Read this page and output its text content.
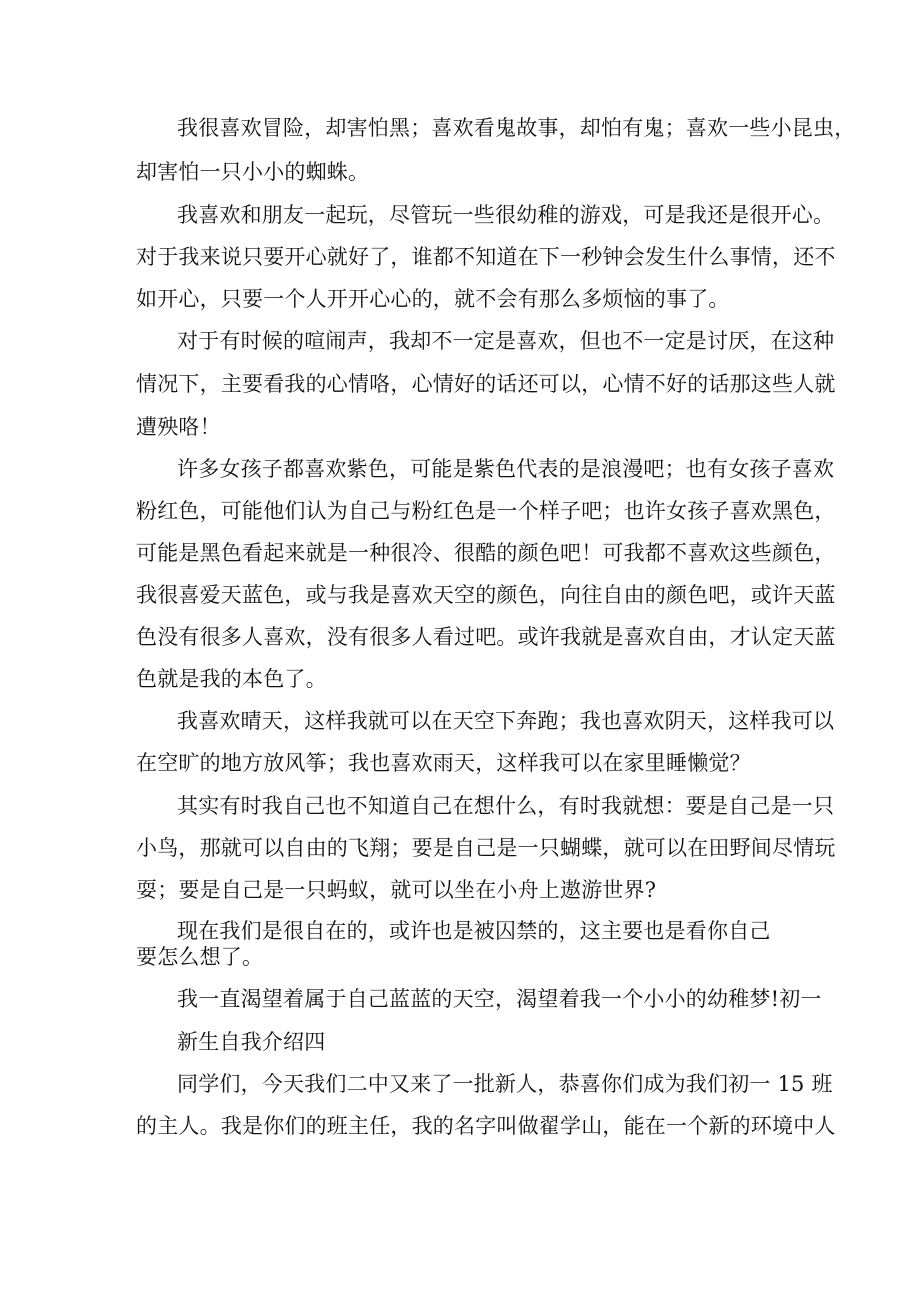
我很喜欢冒险，却害怕黑；喜欢看鬼故事，却怕有鬼；喜欢一些小昆虫，
却害怕一只小小的蜘蛛。
我喜欢和朋友一起玩，尽管玩一些很幼稚的游戏，可是我还是很开心。
对于我来说只要开心就好了，谁都不知道在下一秒钟会发生什么事情，还不
如开心，只要一个人开开心心的，就不会有那么多烦恼的事了。
对于有时候的喧闹声，我却不一定是喜欢，但也不一定是讨厌，在这种
情况下，主要看我的心情咯，心情好的话还可以，心情不好的话那这些人就
遭殃咯！
许多女孩子都喜欢紫色，可能是紫色代表的是浪漫吧；也有女孩子喜欢
粉红色，可能他们认为自己与粉红色是一个样子吧；也许女孩子喜欢黑色，
可能是黑色看起来就是一种很冷、很酷的颜色吧！可我都不喜欢这些颜色，
我很喜爱天蓝色，或与我是喜欢天空的颜色，向往自由的颜色吧，或许天蓝
色没有很多人喜欢，没有很多人看过吧。或许我就是喜欢自由，才认定天蓝
色就是我的本色了。
我喜欢晴天，这样我就可以在天空下奔跑；我也喜欢阴天，这样我可以
在空旷的地方放风筝；我也喜欢雨天，这样我可以在家里睡懒觉？
其实有时我自己也不知道自己在想什么，有时我就想：要是自己是一只
小鸟，那就可以自由的飞翔；要是自己是一只蝴蝶，就可以在田野间尽情玩
耍；要是自己是一只蚂蚁，就可以坐在小舟上遨游世界?
现在我们是很自在的，或许也是被囚禁的，这主要也是看你自己
要怎么想了。
我一直渴望着属于自己蓝蓝的天空，渴望着我一个小小的幼稚梦!初一
新生自我介绍四
同学们，今天我们二中又来了一批新人，恭喜你们成为我们初一 15 班
的主人。我是你们的班主任，我的名字叫做翟学山，能在一个新的环境中人
